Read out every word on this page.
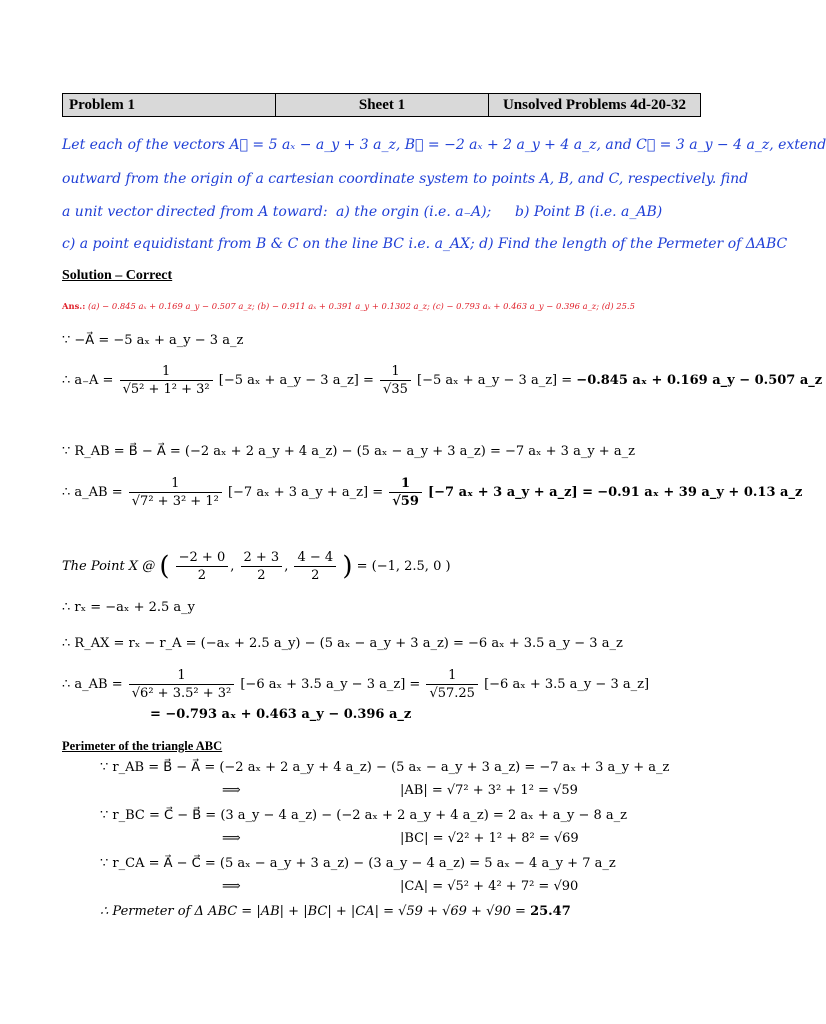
Problem 1	Sheet 1	Unsolved Problems 4d-20-32
Let each of the vectors A⃗ = 5 aₓ − a_y + 3 a_z, B⃗ = −2 aₓ + 2 a_y + 4 a_z, and C⃗ = 3 a_y − 4 a_z, extend
outward from the origin of a cartesian coordinate system to points A, B, and C, respectively. find
a unit vector directed from A toward: a) the orgin (i.e. a₋A); b) Point B (i.e. a_AB)
c) a point equidistant from B & C on the line BC i.e. a_AX; d) Find the length of the Permeter of ΔABC
Solution – Correct
Ans.: (a) − 0.845 aₓ + 0.169 a_y − 0.507 a_z; (b) − 0.911 aₓ + 0.391 a_y + 0.1302 a_z; (c) − 0.793 aₓ + 0.463 a_y − 0.396 a_z; (d) 25.5
∵ −A⃗ = −5 aₓ + a_y − 3 a_z
∴ $a_-A = \frac{1}{\text{√5² + 1² + 3²}} [-5$ aₓ + a_y − 3 a_z] = $\frac{1}{√35} [-5$ aₓ + a_y − 3 a_z] = −0.845 aₓ + 0.169 a_y − 0.507 a_z
∵ R_AB = B⃗ − A⃗ = (−2 aₓ + 2 a_y + 4 a_z) − (5 aₓ − a_y + 3 a_z) = −7 aₓ + 3 a_y + a_z
∴ a_AB = $\frac{1}{\text{√7² + 3² + 1²}} [-7$ aₓ + 3 a_y + a_z] = $\frac{1}{√59} [-7$ aₓ + 3 a_y + a_z] = −0.91 aₓ + 39 a_y + 0.13 a_z
The Point X @ ( $\frac{-2 + 0}{2}$ , $\frac{2 + 3}{2}$ , $\frac{4 - 4}{2}$ ) = (−1, 2.5, 0 )
∴ rₓ = −aₓ + 2.5 a_y
∴ R_AX = rₓ − r_A = (−aₓ + 2.5 a_y) − (5 aₓ − a_y + 3 a_z) = −6 aₓ + 3.5 a_y − 3 a_z
∴ a_AB = $\frac{1}{\text{√6² + 3.5² + 3²}} [-6$ aₓ + 3.5 a_y − 3 a_z] = $\frac{1}{√57.25} [-6$ aₓ + 3.5 a_y − 3 a_z]
= −0.793 aₓ + 0.463 a_y − 0.396 a_z
Perimeter of the triangle ABC
∵ r_AB = B⃗ − A⃗ = (−2 aₓ + 2 a_y + 4 a_z) − (5 aₓ − a_y + 3 a_z) = −7 aₓ + 3 a_y + a_z
⟹	|AB| = √7² + 3² + 1² = √59
∵ r_BC = C⃗ − B⃗ = (3 a_y − 4 a_z) − (−2 aₓ + 2 a_y + 4 a_z) = 2 aₓ + a_y − 8 a_z
⟹	|BC| = √2² + 1² + 8² = √69
∵ r_CA = A⃗ − C⃗ = (5 aₓ − a_y + 3 a_z) − (3 a_y − 4 a_z) = 5 aₓ − 4 a_y + 7 a_z
⟹	|CA| = √5² + 4² + 7² = √90
∴ Permeter of Δ ABC = |AB| + |BC| + |CA| = √59 + √69 + √90 = 25.47
